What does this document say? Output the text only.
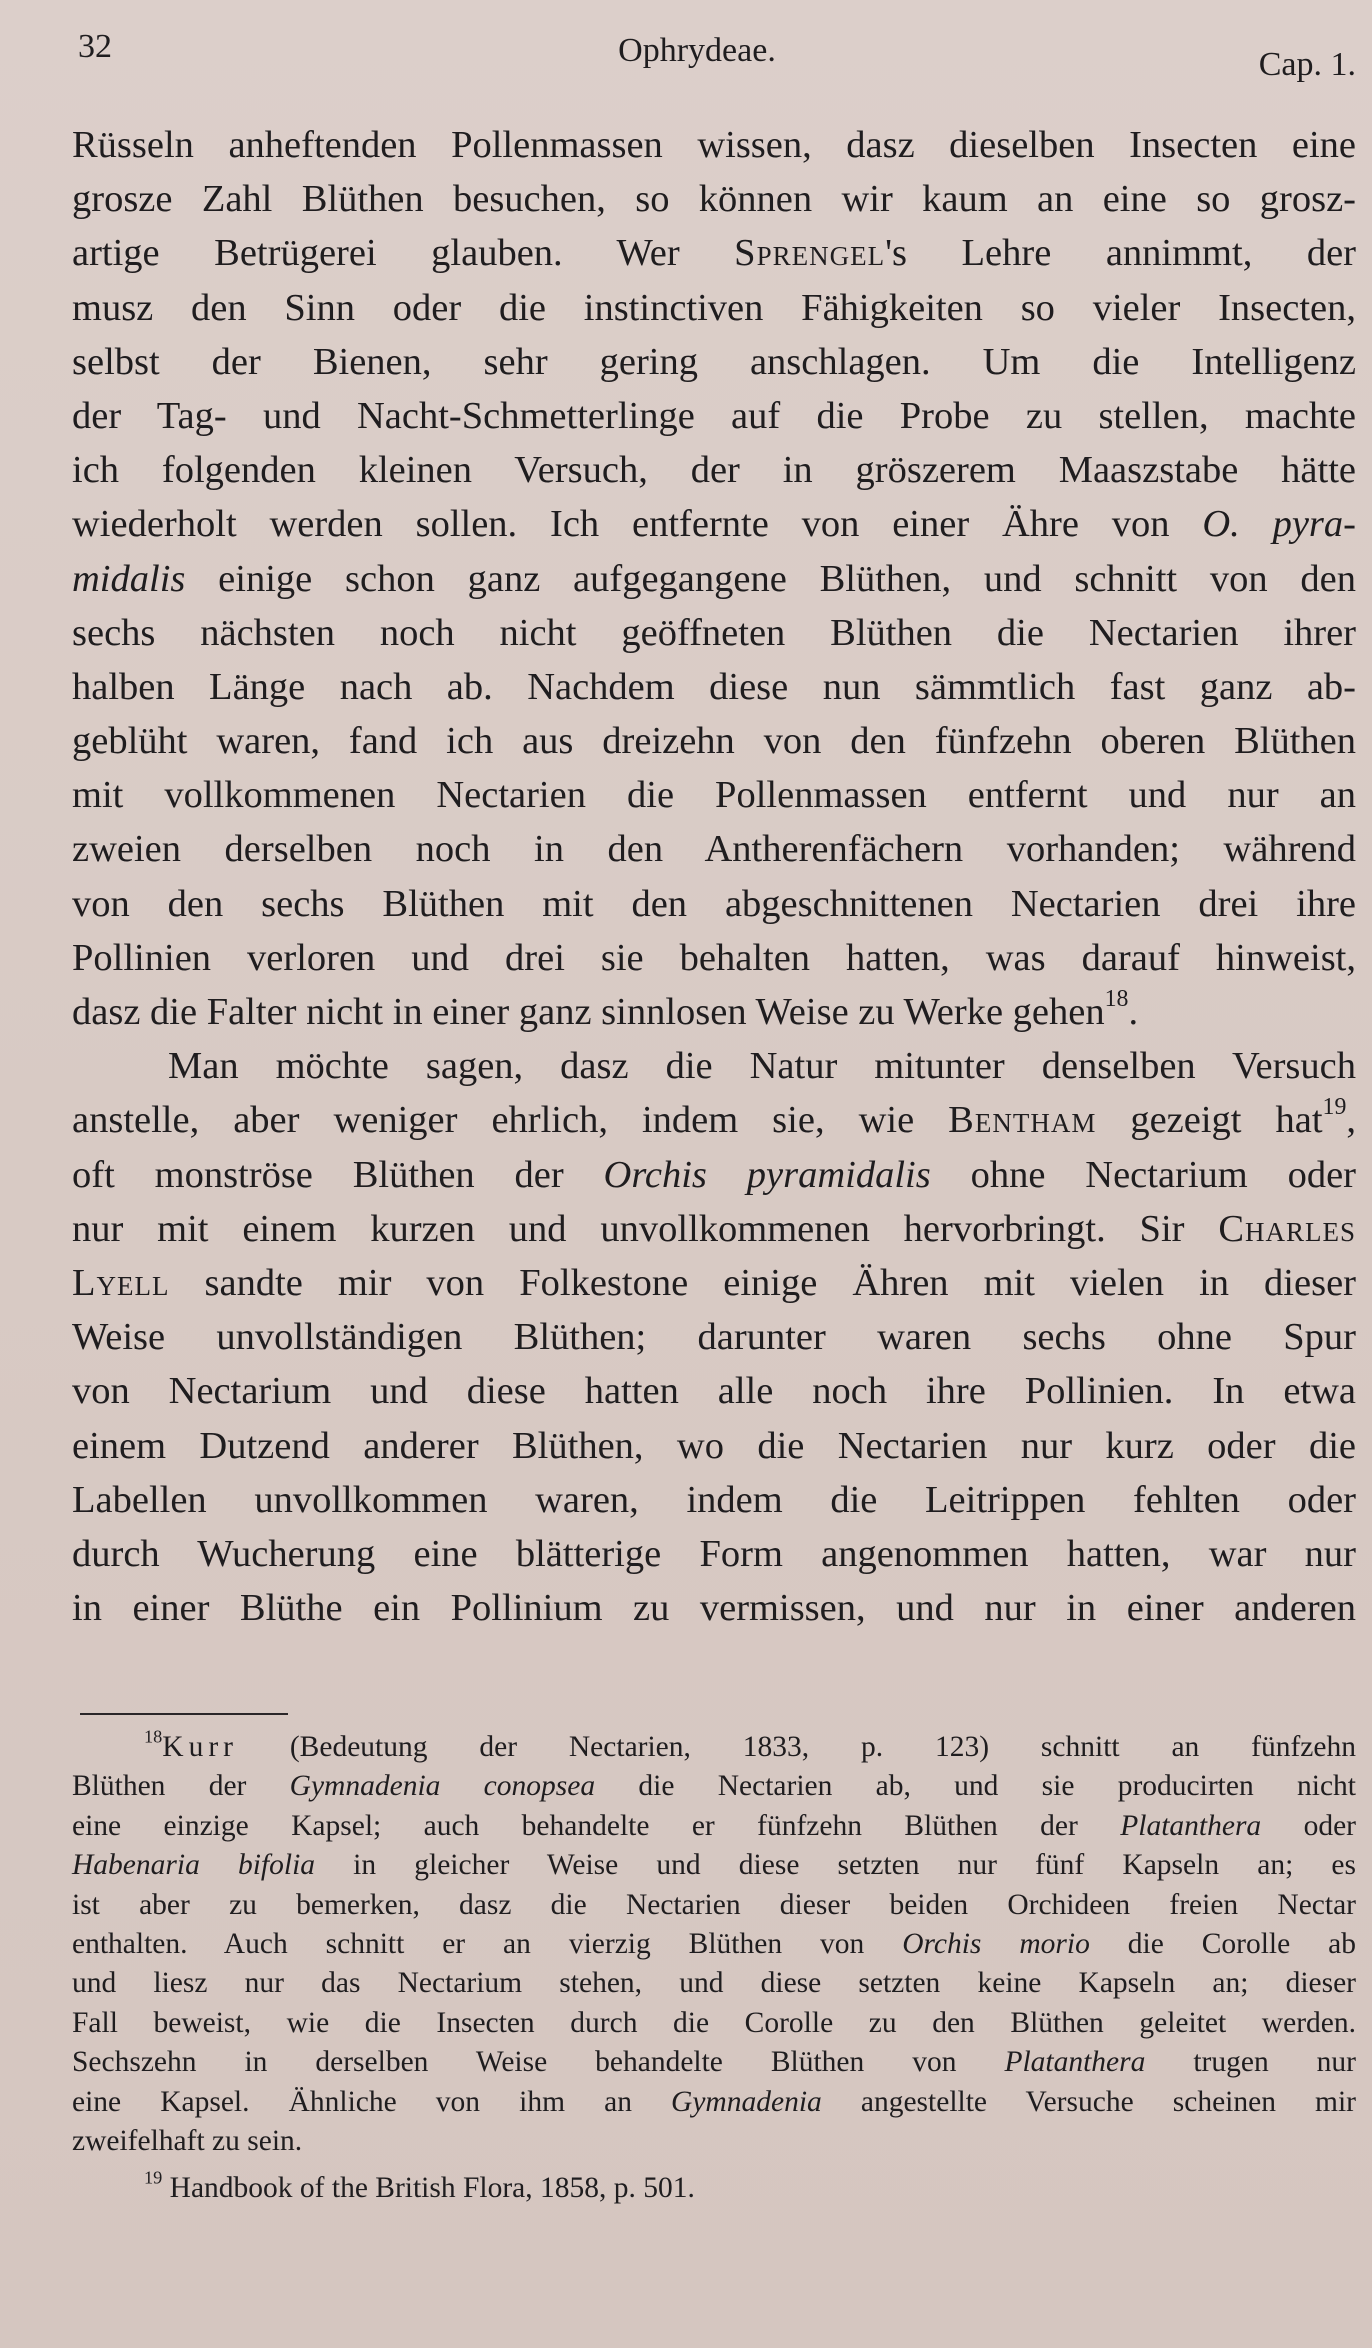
32	Ophrydeae.	Cap. 1.
Rüsseln anheftenden Pollenmassen wissen, dasz dieselben Insecten eine
grosze Zahl Blüthen besuchen, so können wir kaum an eine so grosz-
artige Betrügerei glauben. Wer Sprengel's Lehre annimmt, der
musz den Sinn oder die instinctiven Fähigkeiten so vieler Insecten,
selbst der Bienen, sehr gering anschlagen. Um die Intelligenz
der Tag- und Nacht-Schmetterlinge auf die Probe zu stellen, machte
ich folgenden kleinen Versuch, der in gröszerem Maaszstabe hätte
wiederholt werden sollen. Ich entfernte von einer Ähre von O. pyra-
midalis einige schon ganz aufgegangene Blüthen, und schnitt von den
sechs nächsten noch nicht geöffneten Blüthen die Nectarien ihrer
halben Länge nach ab. Nachdem diese nun sämmtlich fast ganz ab-
geblüht waren, fand ich aus dreizehn von den fünfzehn oberen Blüthen
mit vollkommenen Nectarien die Pollenmassen entfernt und nur an
zweien derselben noch in den Antherenfächern vorhanden; während
von den sechs Blüthen mit den abgeschnittenen Nectarien drei ihre
Pollinien verloren und drei sie behalten hatten, was darauf hinweist,
dasz die Falter nicht in einer ganz sinnlosen Weise zu Werke gehen$^{18}$.
Man möchte sagen, dasz die Natur mitunter denselben Versuch
anstelle, aber weniger ehrlich, indem sie, wie Bentham gezeigt hat$^{19}$,
oft monströse Blüthen der Orchis pyramidalis ohne Nectarium oder
nur mit einem kurzen und unvollkommenen hervorbringt. Sir Charles
Lyell sandte mir von Folkestone einige Ähren mit vielen in dieser
Weise unvollständigen Blüthen; darunter waren sechs ohne Spur
von Nectarium und diese hatten alle noch ihre Pollinien. In etwa
einem Dutzend anderer Blüthen, wo die Nectarien nur kurz oder die
Labellen unvollkommen waren, indem die Leitrippen fehlten oder
durch Wucherung eine blätterige Form angenommen hatten, war nur
in einer Blüthe ein Pollinium zu vermissen, und nur in einer anderen
$^{18}$Kurr (Bedeutung der Nectarien, 1833, p. 123) schnitt an fünfzehn
Blüthen der Gymnadenia conopsea die Nectarien ab, und sie producirten nicht
eine einzige Kapsel; auch behandelte er fünfzehn Blüthen der Platanthera oder
Habenaria bifolia in gleicher Weise und diese setzten nur fünf Kapseln an; es
ist aber zu bemerken, dasz die Nectarien dieser beiden Orchideen freien Nectar
enthalten. Auch schnitt er an vierzig Blüthen von Orchis morio die Corolle ab
und liesz nur das Nectarium stehen, und diese setzten keine Kapseln an; dieser
Fall beweist, wie die Insecten durch die Corolle zu den Blüthen geleitet werden.
Sechszehn in derselben Weise behandelte Blüthen von Platanthera trugen nur
eine Kapsel. Ähnliche von ihm an Gymnadenia angestellte Versuche scheinen mir
zweifelhaft zu sein.
$^{19}$ Handbook of the British Flora, 1858, p. 501.
